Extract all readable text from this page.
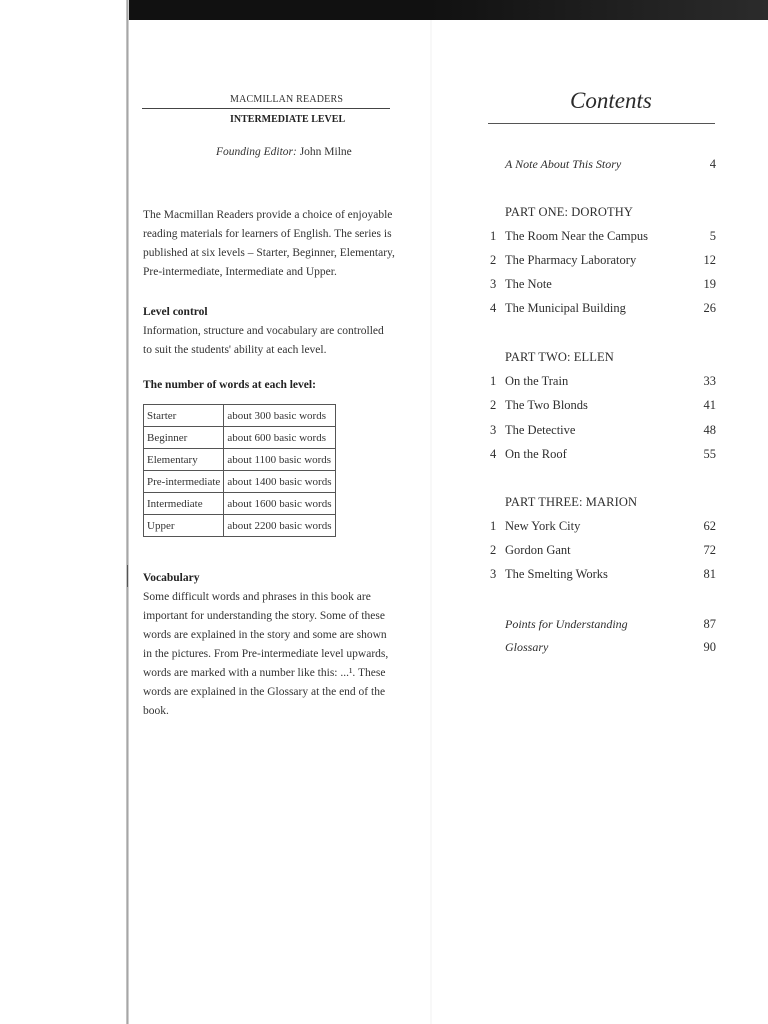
MACMILLAN READERS
INTERMEDIATE LEVEL
Founding Editor: John Milne
The Macmillan Readers provide a choice of enjoyable reading materials for learners of English. The series is published at six levels – Starter, Beginner, Elementary, Pre-intermediate, Intermediate and Upper.
Level control
Information, structure and vocabulary are controlled to suit the students' ability at each level.
The number of words at each level:
Starter	about 300 basic words
Beginner	about 600 basic words
Elementary	about 1100 basic words
Pre-intermediate	about 1400 basic words
Intermediate	about 1600 basic words
Upper	about 2200 basic words
Vocabulary
Some difficult words and phrases in this book are important for understanding the story. Some of these words are explained in the story and some are shown in the pictures. From Pre-intermediate level upwards, words are marked with a number like this: ...¹. These words are explained in the Glossary at the end of the book.
Contents
A Note About This Story	4
PART ONE: DOROTHY
1 The Room Near the Campus	5
2 The Pharmacy Laboratory	12
3 The Note	19
4 The Municipal Building	26
PART TWO: ELLEN
1 On the Train	33
2 The Two Blonds	41
3 The Detective	48
4 On the Roof	55
PART THREE: MARION
1 New York City	62
2 Gordon Gant	72
3 The Smelting Works	81
Points for Understanding	87
Glossary	90
